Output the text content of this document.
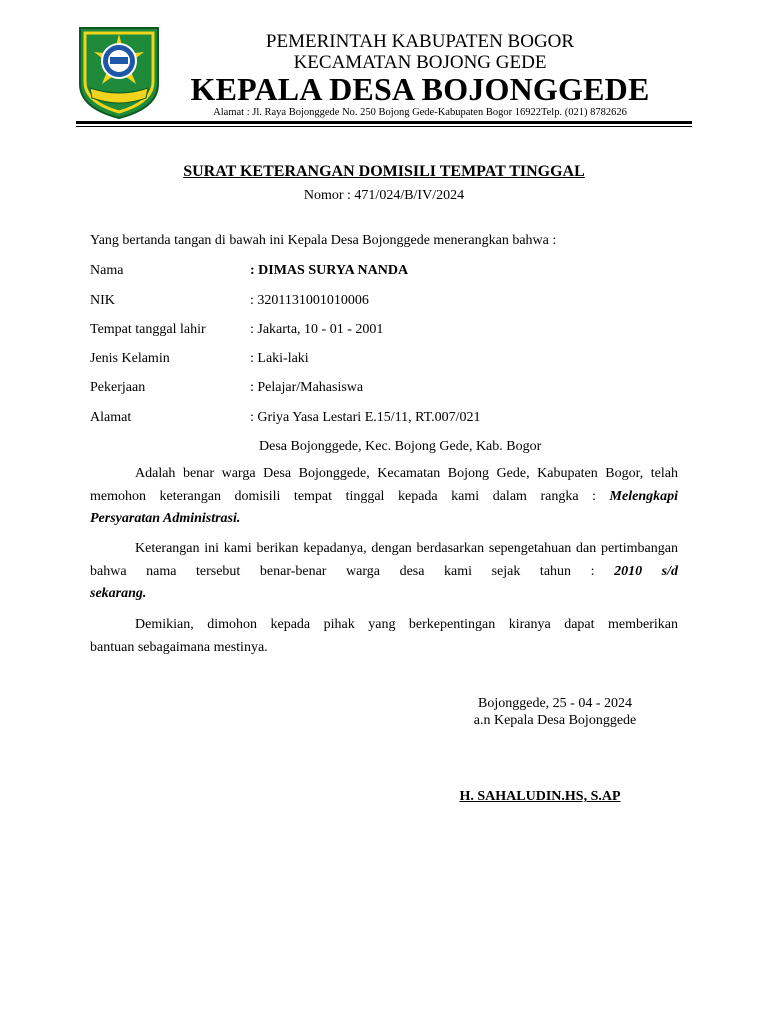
PEMERINTAH KABUPATEN BOGOR
KECAMATAN BOJONG GEDE
KEPALA DESA BOJONGGEDE
Alamat : Jl. Raya Bojonggede No. 250 Bojong Gede-Kabupaten Bogor 16922Telp. (021) 8782626
SURAT KETERANGAN DOMISILI TEMPAT TINGGAL
Nomor : 471/024/B/IV/2024
Yang bertanda tangan di bawah ini Kepala Desa Bojonggede menerangkan bahwa :
Nama	: DIMAS SURYA NANDA
NIK	: 3201131001010006
Tempat tanggal lahir	: Jakarta, 10 - 01 - 2001
Jenis Kelamin	: Laki-laki
Pekerjaan	: Pelajar/Mahasiswa
Alamat	: Griya Yasa Lestari E.15/11, RT.007/021
Desa Bojonggede, Kec. Bojong Gede, Kab. Bogor
Adalah benar warga Desa Bojonggede, Kecamatan Bojong Gede, Kabupaten Bogor, telah memohon keterangan domisili tempat tinggal kepada kami dalam rangka : Melengkapi
Persyaratan Administrasi.
Keterangan ini kami berikan kepadanya, dengan berdasarkan sepengetahuan dan pertimbangan bahwa nama tersebut benar-benar warga desa kami sejak tahun : 2010 s/d
sekarang.
Demikian, dimohon kepada pihak yang berkepentingan kiranya dapat memberikan
bantuan sebagaimana mestinya.
Bojonggede, 25 - 04 - 2024
a.n Kepala Desa Bojonggede
H. SAHALUDIN.HS, S.AP
